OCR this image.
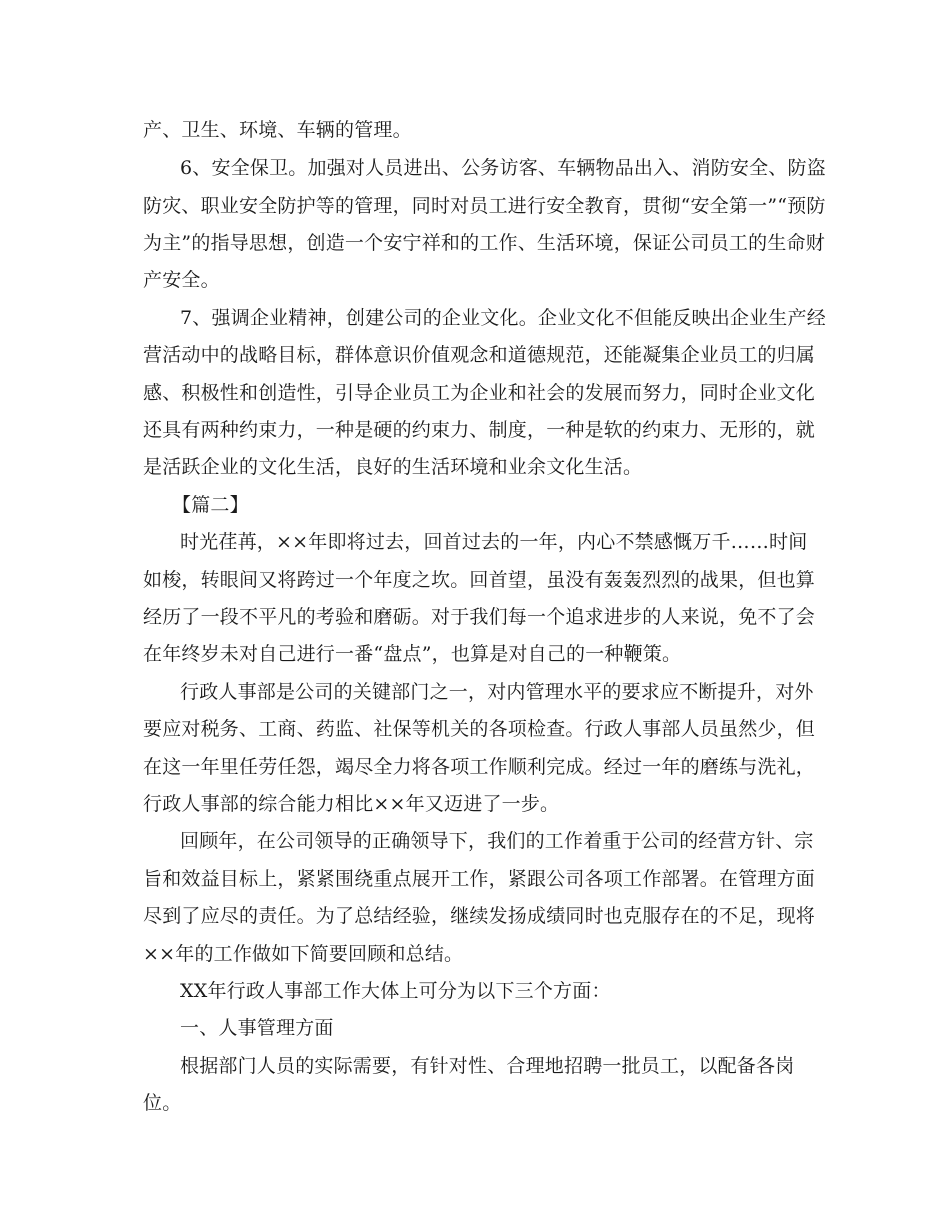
产、卫生、环境、车辆的管理。
6、安全保卫。加强对人员进出、公务访客、车辆物品出入、消防安全、防盗
防灾、职业安全防护等的管理，同时对员工进行安全教育，贯彻“安全第一”“预防
为主”的指导思想，创造一个安宁祥和的工作、生活环境，保证公司员工的生命财
产安全。
7、强调企业精神，创建公司的企业文化。企业文化不但能反映出企业生产经
营活动中的战略目标，群体意识价值观念和道德规范，还能凝集企业员工的归属
感、积极性和创造性，引导企业员工为企业和社会的发展而努力，同时企业文化
还具有两种约束力，一种是硬的约束力、制度，一种是软的约束力、无形的，就
是活跃企业的文化生活，良好的生活环境和业余文化生活。
【篇二】
时光荏苒，××年即将过去，回首过去的一年，内心不禁感慨万千……时间
如梭，转眼间又将跨过一个年度之坎。回首望，虽没有轰轰烈烈的战果，但也算
经历了一段不平凡的考验和磨砺。对于我们每一个追求进步的人来说，免不了会
在年终岁未对自己进行一番“盘点”，也算是对自己的一种鞭策。
行政人事部是公司的关键部门之一，对内管理水平的要求应不断提升，对外
要应对税务、工商、药监、社保等机关的各项检查。行政人事部人员虽然少，但
在这一年里任劳任怨，竭尽全力将各项工作顺利完成。经过一年的磨练与洗礼，
行政人事部的综合能力相比××年又迈进了一步。
回顾年，在公司领导的正确领导下，我们的工作着重于公司的经营方针、宗
旨和效益目标上，紧紧围绕重点展开工作，紧跟公司各项工作部署。在管理方面
尽到了应尽的责任。为了总结经验，继续发扬成绩同时也克服存在的不足，现将
××年的工作做如下简要回顾和总结。
XX年行政人事部工作大体上可分为以下三个方面：
一、人事管理方面
根据部门人员的实际需要，有针对性、合理地招聘一批员工，以配备各岗
位。
